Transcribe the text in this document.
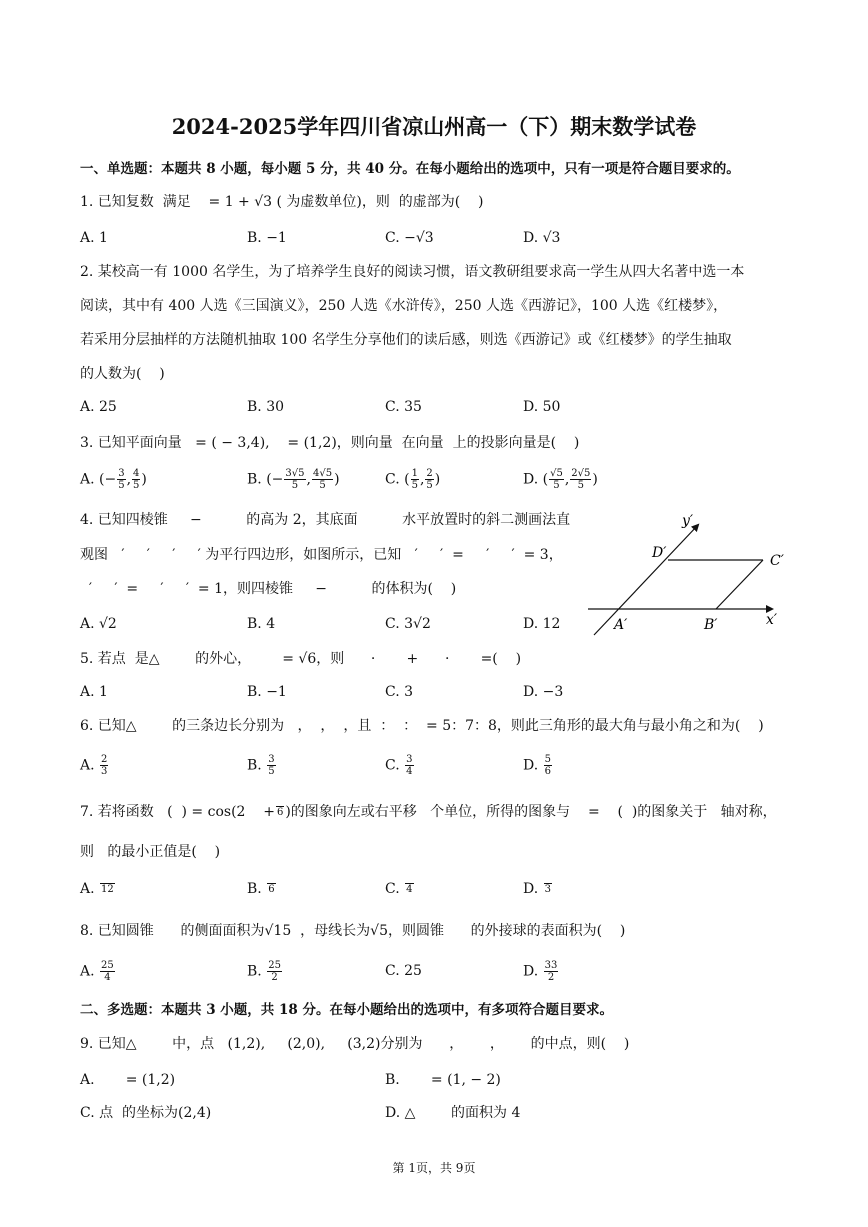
2024-2025学年四川省凉山州高一（下）期末数学试卷
一、单选题：本题共 8 小题，每小题 5 分，共 40 分。在每小题给出的选项中，只有一项是符合题目要求的。
1. 已知复数  满足    = 1 + √3 ( 为虚数单位)，则  的虚部为(    )
A. 1	B. −1	C. −√3	D. √3
2. 某校高一有 1000 名学生，为了培养学生良好的阅读习惯，语文教研组要求高一学生从四大名著中选一本
阅读，其中有 400 人选《三国演义》，250 人选《水浒传》，250 人选《西游记》，100 人选《红楼梦》，
若采用分层抽样的方法随机抽取 100 名学生分享他们的读后感，则选《西游记》或《红楼梦》的学生抽取
的人数为(    )
A. 25	B. 30	C. 35	D. 50
3. 已知平面向量   = ( − 3,4),    = (1,2)，则向量  在向量  上的投影向量是(    )
A. (− $\frac{3}{5}$ , $\frac{4}{5}$ )	B. (− $\frac{3√5}{5}$ , $\frac{4√5}{5}$ )	C. ( $\frac{1}{5}$ , $\frac{2}{5}$ )	D. ( $\frac{√5}{5}$ , $\frac{2√5}{5}$ )
4. 已知四棱锥     −          的高为 2，其底面          水平放置时的斜二测画法直
观图   ′     ′     ′     ′ 为平行四边形，如图所示，已知   ′     ′  =     ′     ′  = 3，
′     ′  =     ′     ′  = 1，则四棱锥     −          的体积为(    )
A. √2	B. 4	C. 3√2	D. 12
y′
D′	C′
A′	B′	x′
5. 若点  是△        的外心，       = √6，则      ·       +      ·       =(    )
A. 1	B. −1	C. 3	D. −3
6. 已知△        的三条边长分别为   ，  ，  ，且  ：  ：  = 5：7：8，则此三角形的最大角与最小角之和为(    )
A. $\frac{2}{3}$	B. $\frac{3}{5}$	C. $\frac{3}{4}$	D. $\frac{5}{6}$
7. 若将函数   (  ) = cos(2    + 6 )的图象向左或右平移   个单位，所得的图象与    =    (  )的图象关于   轴对称，
则   的最小正值是(    )
A. 12	B. 6	C. 4	D. 3
8. 已知圆锥      的侧面面积为√15  ，母线长为√5，则圆锥      的外接球的表面积为(    )
A. $\frac{25}{4}$	B. $\frac{25}{2}$	C. 25	D. $\frac{33}{2}$
二、多选题：本题共 3 小题，共 18 分。在每小题给出的选项中，有多项符合题目要求。
9. 已知△        中，点   (1,2),     (2,0),     (3,2)分别为      ，      ，      的中点，则(    )
A.       = (1,2)	B.       = (1, − 2)
C. 点  的坐标为(2,4)	D. △        的面积为 4
第 1页，共 9页
